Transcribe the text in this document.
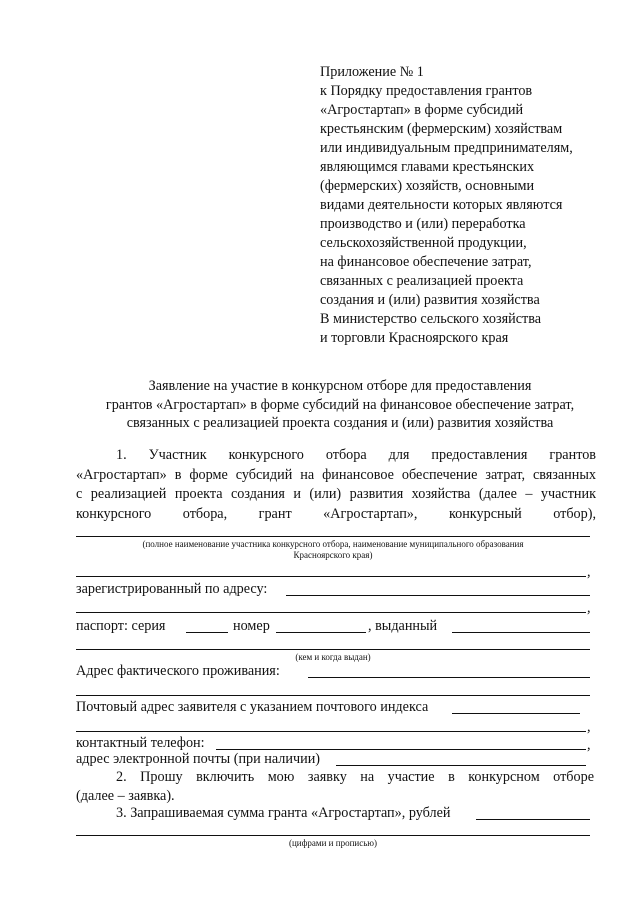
Приложение № 1
к Порядку предоставления грантов
«Агростартап» в форме субсидий
крестьянским (фермерским) хозяйствам
или индивидуальным предпринимателям,
являющимся главами крестьянских
(фермерских) хозяйств, основными
видами деятельности которых являются
производство и (или) переработка
сельскохозяйственной продукции,
на финансовое обеспечение затрат,
связанных с реализацией проекта
создания и (или) развития хозяйства
В министерство сельского хозяйства
и торговли Красноярского края
Заявление на участие в конкурсном отборе для предоставления
грантов «Агростартап» в форме субсидий на финансовое обеспечение затрат,
связанных с реализацией проекта создания и (или) развития хозяйства
1. Участник конкурсного отбора для предоставления грантов
«Агростартап» в форме субсидий на финансовое обеспечение затрат, связанных
с реализацией проекта создания и (или) развития хозяйства (далее – участник
конкурсного отбора, грант «Агростартап», конкурсный отбор),
(полное наименование участника конкурсного отбора, наименование муниципального образования
Красноярского края)
,
зарегистрированный по адресу:
,
паспорт: серия	номер	, выданный
(кем и когда выдан)
Адрес фактического проживания:
Почтовый адрес заявителя с указанием почтового индекса
,
контактный телефон:	,
адрес электронной почты (при наличии)
2. Прошу включить мою заявку на участие в конкурсном отборе
(далее – заявка).
3. Запрашиваемая сумма гранта «Агростартап», рублей
(цифрами и прописью)
